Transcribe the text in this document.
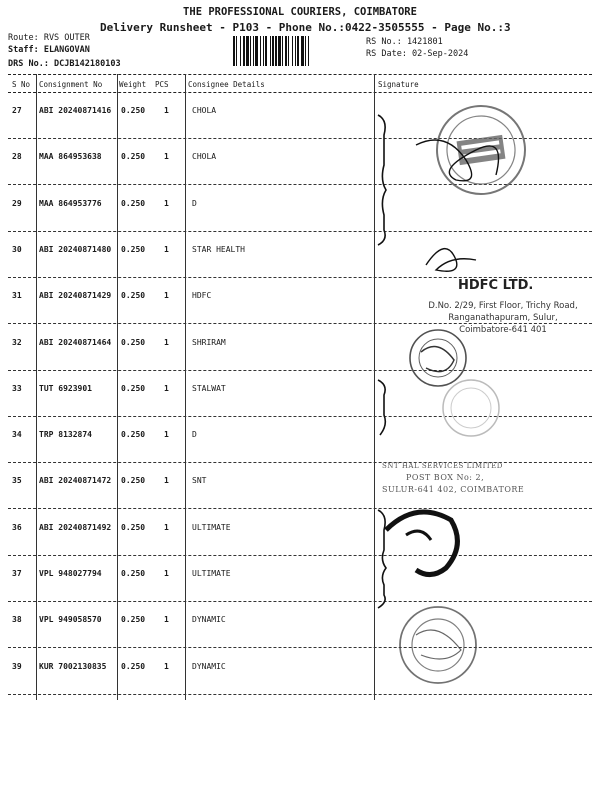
THE PROFESSIONAL COURIERS, COIMBATORE
Delivery Runsheet - P103 - Phone No.:0422-3505555 - Page No.:3
Route: RVS OUTER
Staff: ELANGOVAN
DRS No.: DCJB142180103
RS No.: 1421801
RS Date: 02-Sep-2024
S No Consignment No Weight PCS	Consignee Details	Signature
27 ABI 20240871416 0.250 1	CHOLA
28 MAA 864953638 0.250 1	CHOLA
29 MAA 864953776 0.250 1	D
30 ABI 20240871480 0.250 1	STAR HEALTH
31 ABI 20240871429 0.250 1	HDFC
32 ABI 20240871464 0.250 1	SHRIRAM
33 TUT 6923901	0.250 1	STALWAT
34 TRP 8132874	0.250 1	D
35 ABI 20240871472 0.250 1	SNT
36 ABI 20240871492 0.250 1	ULTIMATE
37 VPL 948027794 0.250 1	ULTIMATE
38 VPL 949058570 0.250 1	DYNAMIC
39 KUR 7002130835 0.250 1	DYNAMIC
HDFC LTD.
D.No. 2/29, First Floor, Trichy Road,
Ranganathapuram, Sulur,
Coimbatore-641 401
SNT HAL SERVICES LIMITED
POST BOX No: 2,
SULUR-641 402, COIMBATORE
